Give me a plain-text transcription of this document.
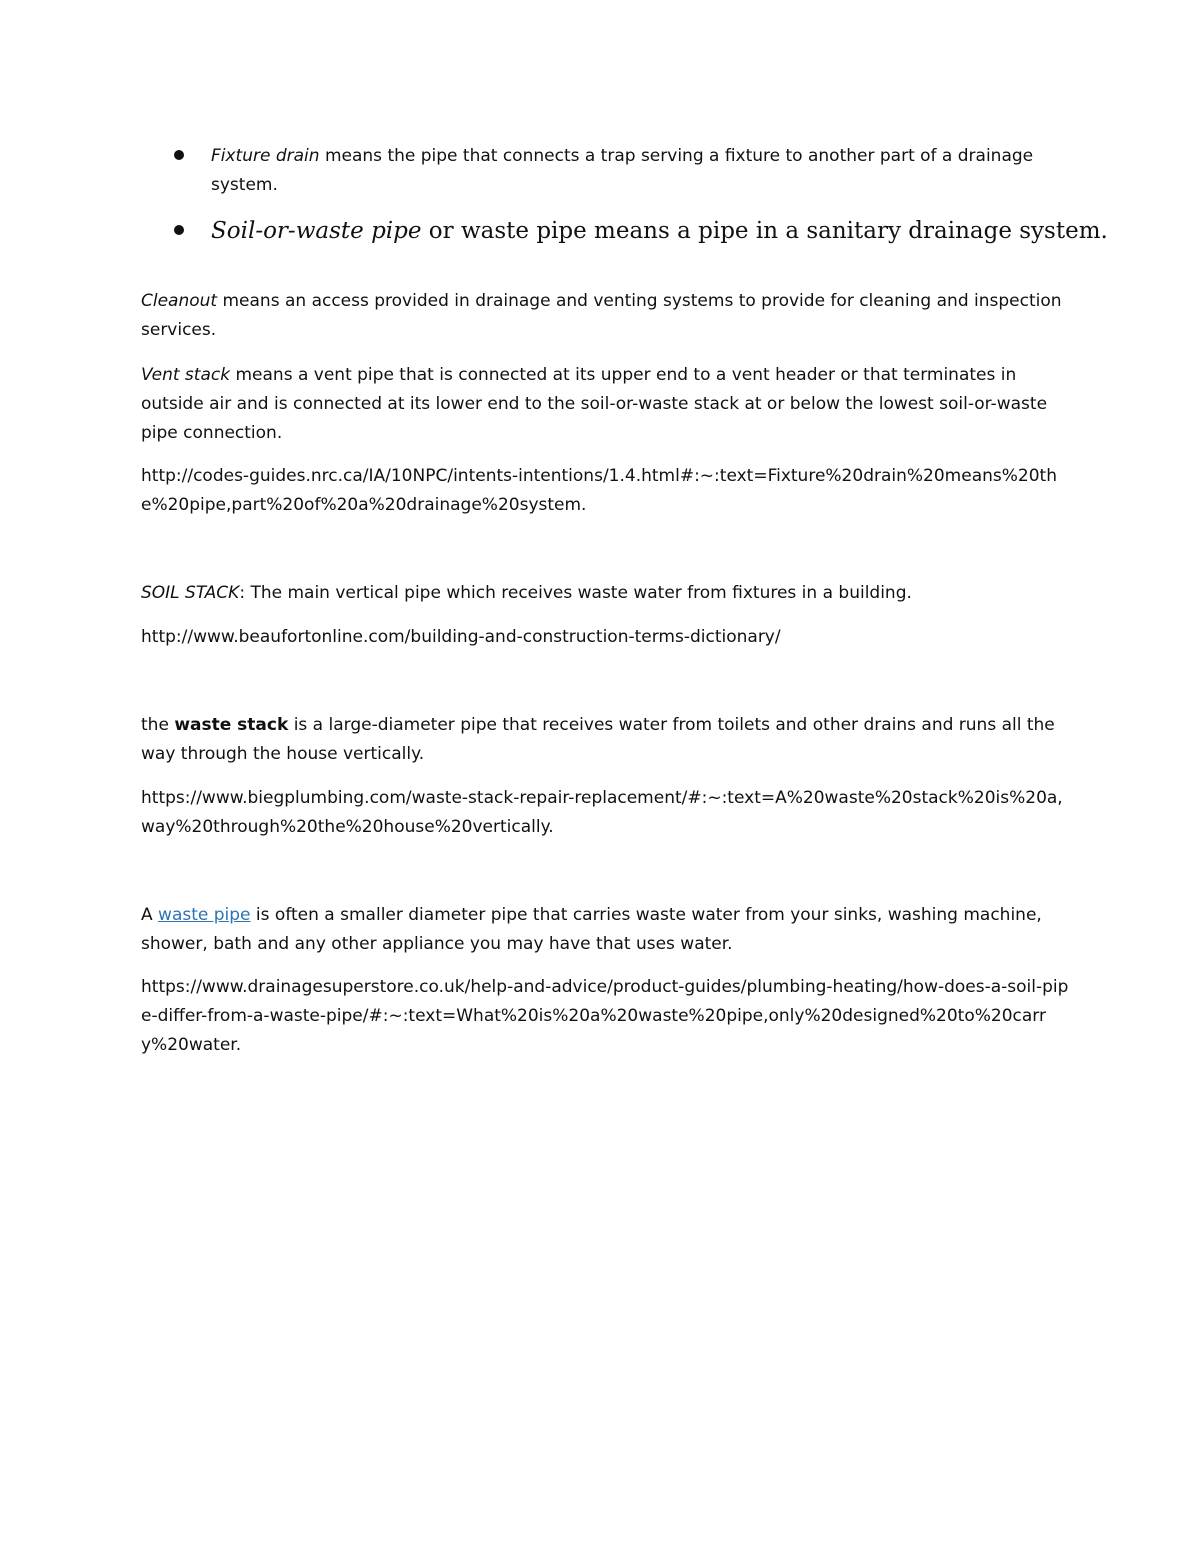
Fixture drain means the pipe that connects a trap serving a fixture to another part of a drainage system.
Soil-or-waste pipe or waste pipe means a pipe in a sanitary drainage system.

Cleanout means an access provided in drainage and venting systems to provide for cleaning and inspection services.

Vent stack means a vent pipe that is connected at its upper end to a vent header or that terminates in outside air and is connected at its lower end to the soil-or-waste stack at or below the lowest soil-or-waste pipe connection.

http://codes-guides.nrc.ca/IA/10NPC/intents-intentions/1.4.html#:~:text=Fixture%20drain%20means%20the%20pipe,part%20of%20a%20drainage%20system.

SOIL STACK: The main vertical pipe which receives waste water from fixtures in a building.

http://www.beaufortonline.com/building-and-construction-terms-dictionary/

the waste stack is a large-diameter pipe that receives water from toilets and other drains and runs all the way through the house vertically.

https://www.biegplumbing.com/waste-stack-repair-replacement/#:~:text=A%20waste%20stack%20is%20a,way%20through%20the%20house%20vertically.

A waste pipe is often a smaller diameter pipe that carries waste water from your sinks, washing machine, shower, bath and any other appliance you may have that uses water.

https://www.drainagesuperstore.co.uk/help-and-advice/product-guides/plumbing-heating/how-does-a-soil-pipe-differ-from-a-waste-pipe/#:~:text=What%20is%20a%20waste%20pipe,only%20designed%20to%20carry%20water.
